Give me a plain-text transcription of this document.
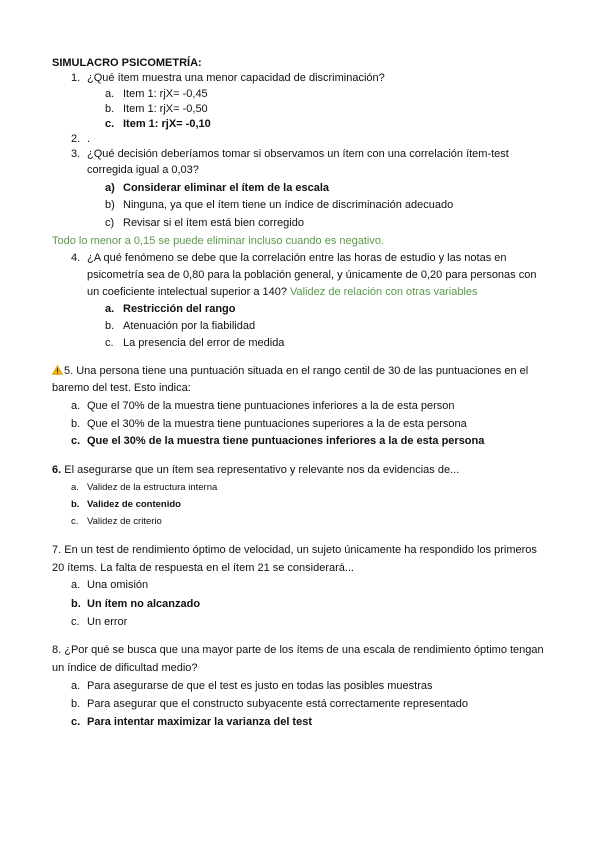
SIMULACRO PSICOMETRÍA:
1. ¿Qué ítem muestra una menor capacidad de discriminación?
a. Item 1: rjX= -0,45
b. Item 1: rjX= -0,50
c. Item 1: rjX= -0,10
2. .
3. ¿Qué decisión deberíamos tomar si observamos un ítem con una correlación ítem-test
corregida igual a 0,03?
a) Considerar eliminar el ítem de la escala
b) Ninguna, ya que el ítem tiene un índice de discriminación adecuado
c) Revisar si el ítem está bien corregido
Todo lo menor a 0,15 se puede eliminar incluso cuando es negativo.
4. ¿A qué fenómeno se debe que la correlación entre las horas de estudio y las notas en
psicometría sea de 0,80 para la población general, y únicamente de 0,20 para personas con
un coeficiente intelectual superior a 140? Validez de relación con otras variables
a. Restricción del rango
b. Atenuación por la fiabilidad
c. La presencia del error de medida
5. Una persona tiene una puntuación situada en el rango centil de 30 de las puntuaciones en el
baremo del test. Esto indica:
a. Que el 70% de la muestra tiene puntuaciones inferiores a la de esta person
b. Que el 30% de la muestra tiene puntuaciones superiores a la de esta persona
c. Que el 30% de la muestra tiene puntuaciones inferiores a la de esta persona
6. El asegurarse que un ítem sea representativo y relevante nos da evidencias de...
a. Validez de la estructura interna
b. Validez de contenido
c. Validez de criterio
7. En un test de rendimiento óptimo de velocidad, un sujeto únicamente ha respondido los primeros
20 ítems. La falta de respuesta en el ítem 21 se considerará...
a. Una omisión
b. Un ítem no alcanzado
c. Un error
8. ¿Por qué se busca que una mayor parte de los ítems de una escala de rendimiento óptimo tengan
un índice de dificultad medio?
a. Para asegurarse de que el test es justo en todas las posibles muestras
b. Para asegurar que el constructo subyacente está correctamente representado
c. Para intentar maximizar la varianza del test
